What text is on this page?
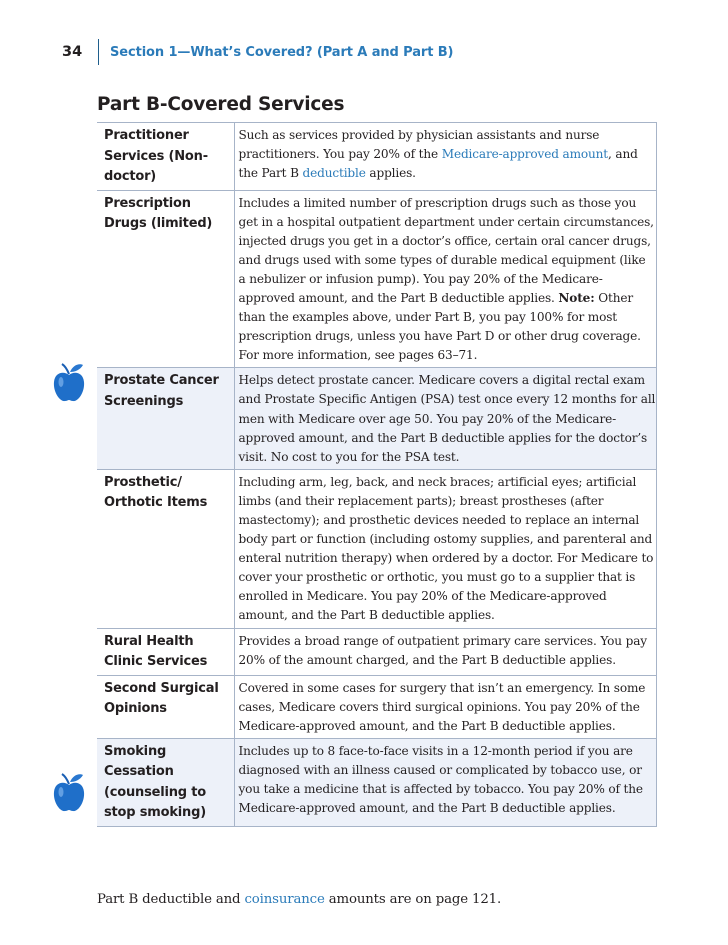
34	Section 1—What’s Covered? (Part A and Part B)
Part B-Covered Services
Practitioner Services (Non-doctor)	Such as services provided by physician assistants and nurse practitioners. You pay 20% of the Medicare-approved amount, and the Part B deductible applies.
Prescription Drugs (limited)	Includes a limited number of prescription drugs such as those you get in a hospital outpatient department under certain circumstances, injected drugs you get in a doctor’s office, certain oral cancer drugs, and drugs used with some types of durable medical equipment (like a nebulizer or infusion pump). You pay 20% of the Medicare-approved amount, and the Part B deductible applies. Note: Other than the examples above, under Part B, you pay 100% for most prescription drugs, unless you have Part D or other drug coverage. For more information, see pages 63–71.
Prostate Cancer Screenings	Helps detect prostate cancer. Medicare covers a digital rectal exam and Prostate Specific Antigen (PSA) test once every 12 months for all men with Medicare over age 50. You pay 20% of the Medicare-approved amount, and the Part B deductible applies for the doctor’s visit. No cost to you for the PSA test.
Prosthetic/ Orthotic Items	Including arm, leg, back, and neck braces; artificial eyes; artificial limbs (and their replacement parts); breast prostheses (after mastectomy); and prosthetic devices needed to replace an internal body part or function (including ostomy supplies, and parenteral and enteral nutrition therapy) when ordered by a doctor. For Medicare to cover your prosthetic or orthotic, you must go to a supplier that is enrolled in Medicare. You pay 20% of the Medicare-approved amount, and the Part B deductible applies.
Rural Health Clinic Services	Provides a broad range of outpatient primary care services. You pay 20% of the amount charged, and the Part B deductible applies.
Second Surgical Opinions	Covered in some cases for surgery that isn’t an emergency. In some cases, Medicare covers third surgical opinions. You pay 20% of the Medicare-approved amount, and the Part B deductible applies.
Smoking Cessation (counseling to stop smoking)	Includes up to 8 face-to-face visits in a 12-month period if you are diagnosed with an illness caused or complicated by tobacco use, or you take a medicine that is affected by tobacco. You pay 20% of the Medicare-approved amount, and the Part B deductible applies.
Part B deductible and coinsurance amounts are on page 121.
